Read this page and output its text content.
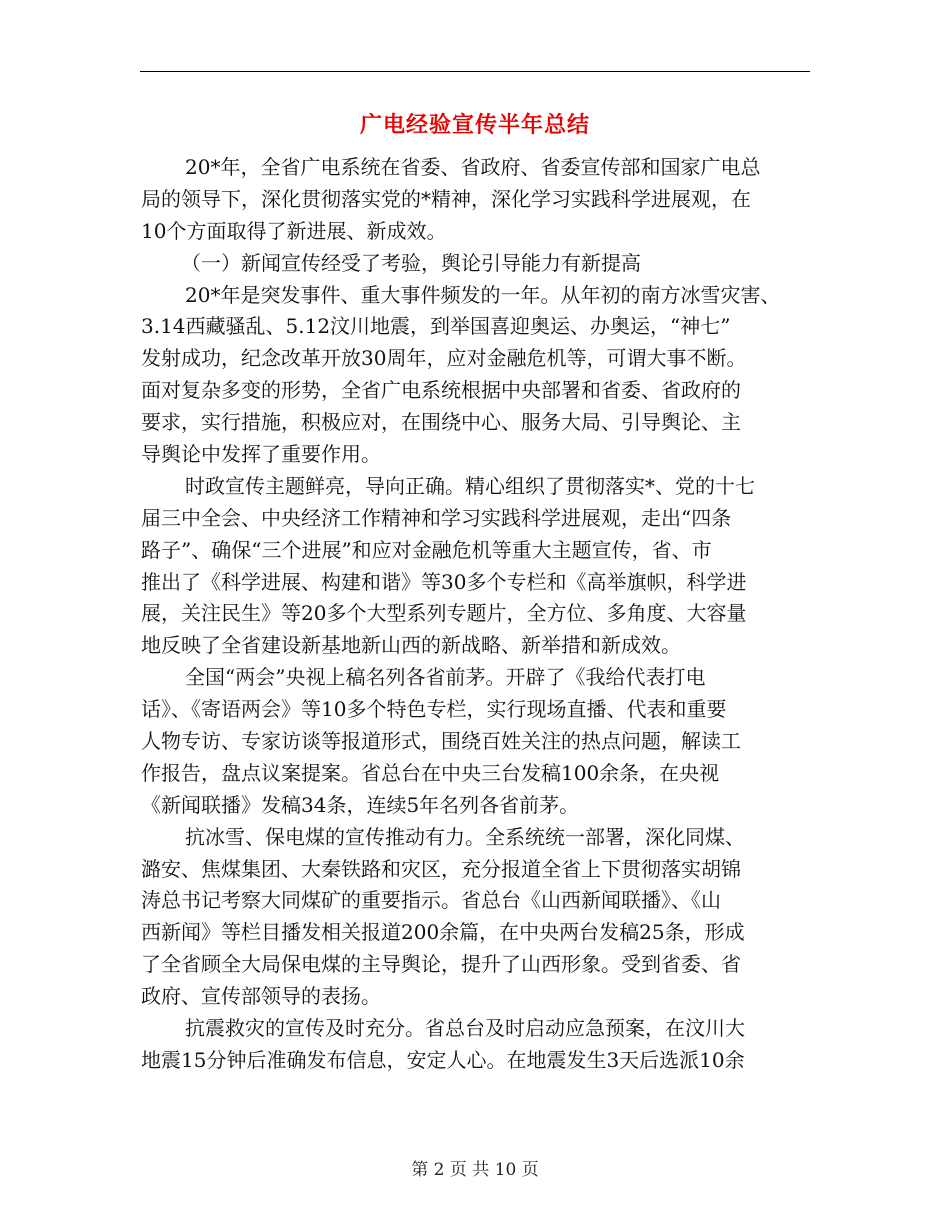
广电经验宣传半年总结
20*年，全省广电系统在省委、省政府、省委宣传部和国家广电总
局的领导下，深化贯彻落实党的*精神，深化学习实践科学进展观，在
10个方面取得了新进展、新成效。
（一）新闻宣传经受了考验，舆论引导能力有新提高
20*年是突发事件、重大事件频发的一年。从年初的南方冰雪灾害、
3.14西藏骚乱、5.12汶川地震，到举国喜迎奥运、办奥运，“神七”
发射成功，纪念改革开放30周年，应对金融危机等，可谓大事不断。
面对复杂多变的形势，全省广电系统根据中央部署和省委、省政府的
要求，实行措施，积极应对，在围绕中心、服务大局、引导舆论、主
导舆论中发挥了重要作用。
时政宣传主题鲜亮，导向正确。精心组织了贯彻落实*、党的十七
届三中全会、中央经济工作精神和学习实践科学进展观，走出“四条
路子”、确保“三个进展”和应对金融危机等重大主题宣传，省、市
推出了《科学进展、构建和谐》等30多个专栏和《高举旗帜，科学进
展，关注民生》等20多个大型系列专题片，全方位、多角度、大容量
地反映了全省建设新基地新山西的新战略、新举措和新成效。
全国“两会”央视上稿名列各省前茅。开辟了《我给代表打电
话》、《寄语两会》等10多个特色专栏，实行现场直播、代表和重要
人物专访、专家访谈等报道形式，围绕百姓关注的热点问题，解读工
作报告，盘点议案提案。省总台在中央三台发稿100余条，在央视
《新闻联播》发稿34条，连续5年名列各省前茅。
抗冰雪、保电煤的宣传推动有力。全系统统一部署，深化同煤、
潞安、焦煤集团、大秦铁路和灾区，充分报道全省上下贯彻落实胡锦
涛总书记考察大同煤矿的重要指示。省总台《山西新闻联播》、《山
西新闻》等栏目播发相关报道200余篇，在中央两台发稿25条，形成
了全省顾全大局保电煤的主导舆论，提升了山西形象。受到省委、省
政府、宣传部领导的表扬。
抗震救灾的宣传及时充分。省总台及时启动应急预案，在汶川大
地震15分钟后准确发布信息，安定人心。在地震发生3天后选派10余
第 2 页 共 10 页
